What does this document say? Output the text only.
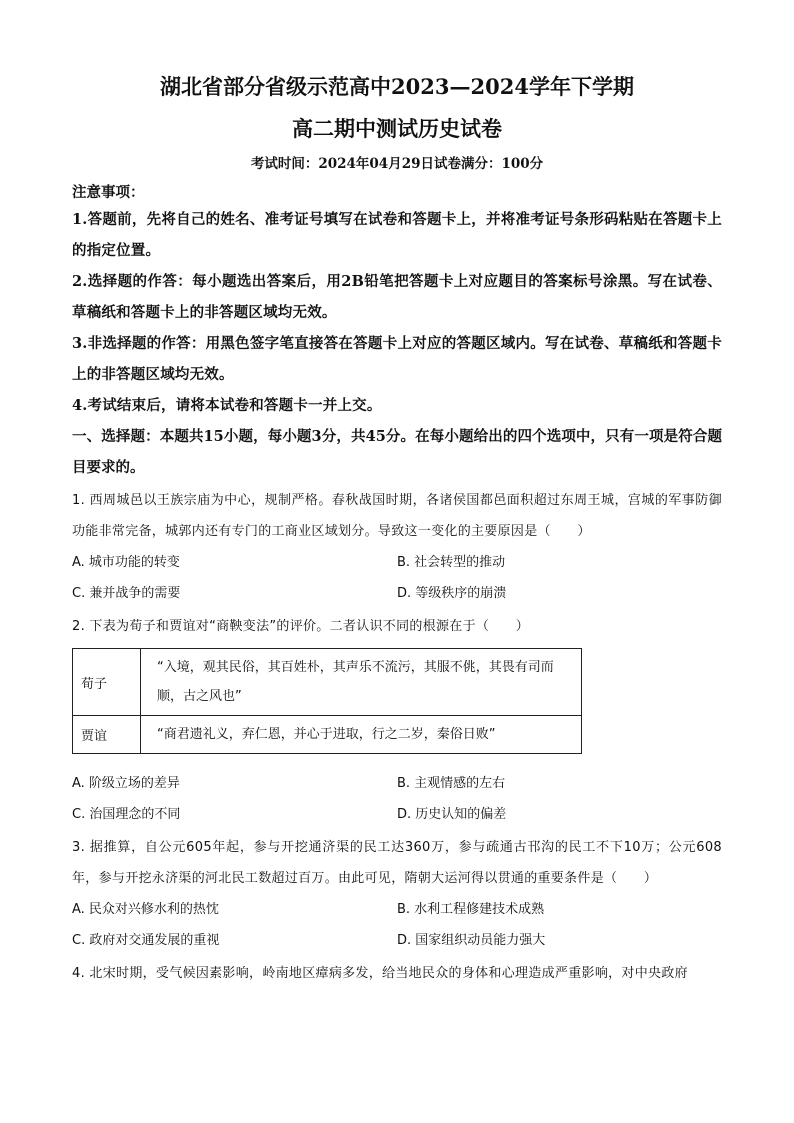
湖北省部分省级示范高中2023—2024学年下学期
高二期中测试历史试卷
考试时间：2024年04月29日试卷满分：100分
注意事项：
1.答题前，先将自己的姓名、准考证号填写在试卷和答题卡上，并将准考证号条形码粘贴在答题卡上的指定位置。
2.选择题的作答：每小题选出答案后，用2B铅笔把答题卡上对应题目的答案标号涂黑。写在试卷、草稿纸和答题卡上的非答题区域均无效。
3.非选择题的作答：用黑色签字笔直接答在答题卡上对应的答题区域内。写在试卷、草稿纸和答题卡上的非答题区域均无效。
4.考试结束后，请将本试卷和答题卡一并上交。
一、选择题：本题共15小题，每小题3分，共45分。在每小题给出的四个选项中，只有一项是符合题目要求的。
1. 西周城邑以王族宗庙为中心，规制严格。春秋战国时期，各诸侯国都邑面积超过东周王城，宫城的军事防御功能非常完备，城郭内还有专门的工商业区域划分。导致这一变化的主要原因是（　　）
A. 城市功能的转变	B. 社会转型的推动
C. 兼并战争的需要	D. 等级秩序的崩溃
2. 下表为荀子和贾谊对“商鞅变法”的评价。二者认识不同的根源在于（　　）
荀子	“入境，观其民俗，其百姓朴，其声乐不流污，其服不佻，其畏有司而顺，古之风也”
贾谊	“商君遗礼义，弃仁恩，并心于进取，行之二岁，秦俗日败”
A. 阶级立场的差异	B. 主观情感的左右
C. 治国理念的不同	D. 历史认知的偏差
3. 据推算，自公元605年起，参与开挖通济渠的民工达360万，参与疏通古邗沟的民工不下10万；公元608年，参与开挖永济渠的河北民工数超过百万。由此可见，隋朝大运河得以贯通的重要条件是（　　）
A. 民众对兴修水利的热忱	B. 水利工程修建技术成熟
C. 政府对交通发展的重视	D. 国家组织动员能力强大
4. 北宋时期，受气候因素影响，岭南地区瘴病多发，给当地民众的身体和心理造成严重影响，对中央政府
